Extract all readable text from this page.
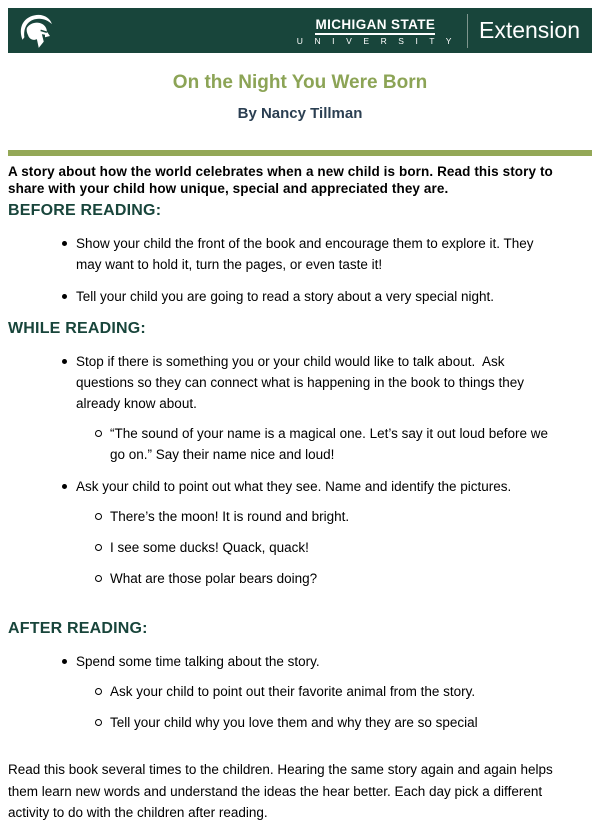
MICHIGAN STATE
U N I V E R S I T Y Extension
On the Night You Were Born
By Nancy Tillman
A story about how the world celebrates when a new child is born. Read this story to share with your child how unique, special and appreciated they are.
BEFORE READING:
Show your child the front of the book and encourage them to explore it. They may want to hold it, turn the pages, or even taste it!
Tell your child you are going to read a story about a very special night.
WHILE READING:
Stop if there is something you or your child would like to talk about.  Ask questions so they can connect what is happening in the book to things they already know about.
“The sound of your name is a magical one. Let’s say it out loud before we go on.” Say their name nice and loud!
Ask your child to point out what they see. Name and identify the pictures.
There’s the moon! It is round and bright.
I see some ducks! Quack, quack!
What are those polar bears doing?
AFTER READING:
Spend some time talking about the story.
Ask your child to point out their favorite animal from the story.
Tell your child why you love them and why they are so special
Read this book several times to the children. Hearing the same story again and again helps them learn new words and understand the ideas the hear better. Each day pick a different activity to do with the children after reading.
